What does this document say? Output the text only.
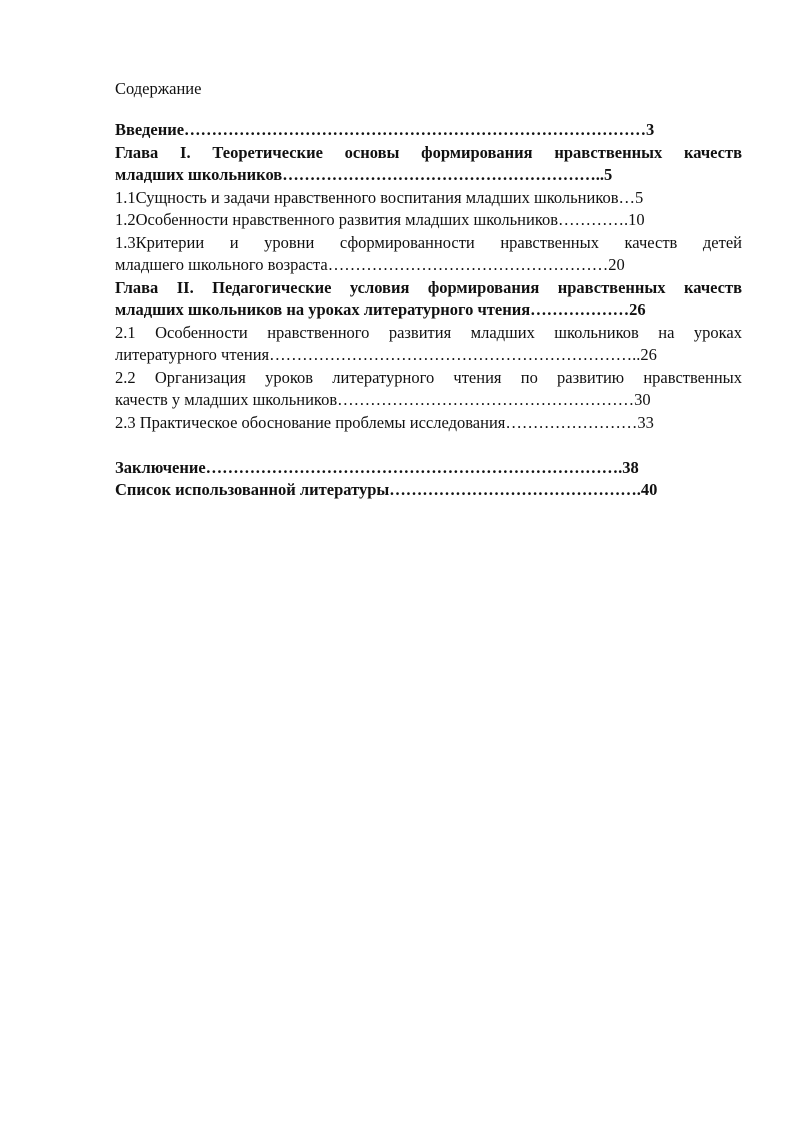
Содержание
Введение…………………………………………………………………………3
Глава I. Теоретические основы формирования нравственных качеств
младших школьников…………………………………………………..5
1.1Сущность и задачи нравственного воспитания младших школьников…5
1.2Особенности нравственного развития младших школьников………….10
1.3Критерии и уровни сформированности нравственных качеств детей
младшего школьного возраста……………………………………………20
Глава II. Педагогические условия формирования нравственных качеств
младших школьников на уроках литературного чтения………………26
2.1 Особенности нравственного развития младших школьников на уроках
литературного чтения…………………………………………………………..26
2.2 Организация уроков литературного чтения по развитию нравственных
качеств у младших школьников………………………………………………30
2.3 Практическое обоснование проблемы исследования……………………33
Заключение………………………………………………………………….38
Список использованной литературы……………………………………….40
